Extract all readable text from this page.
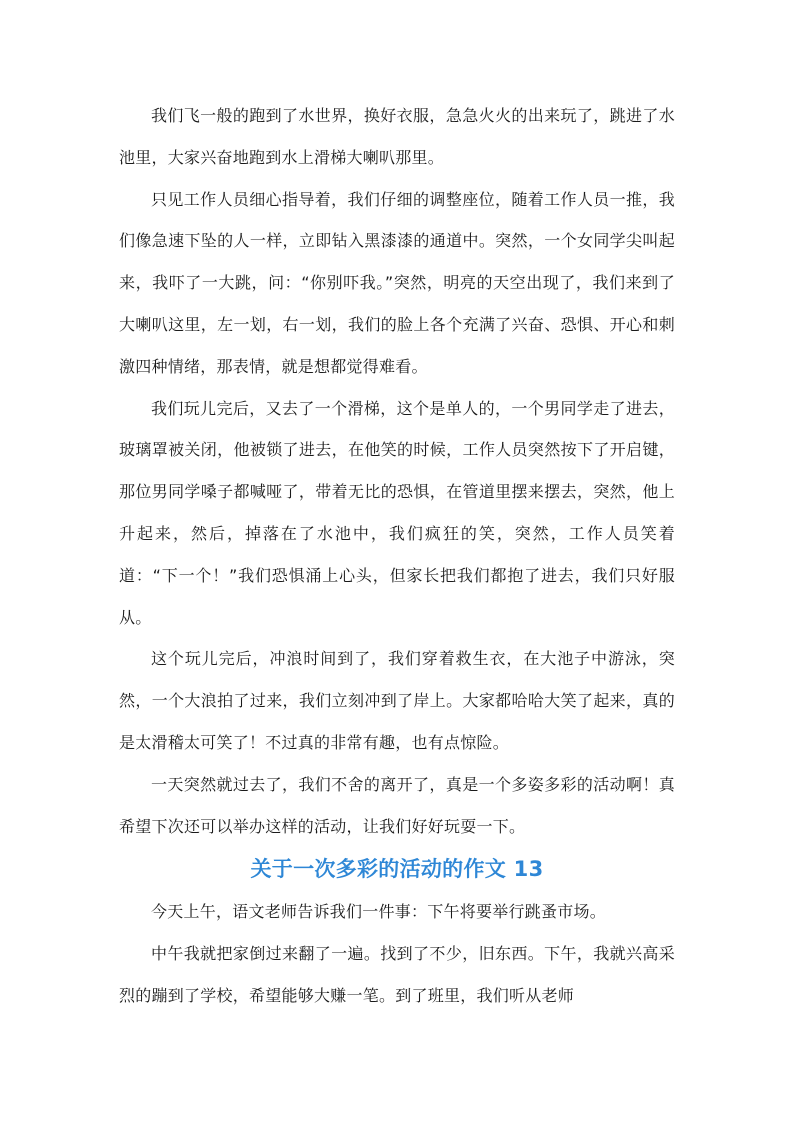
我们飞一般的跑到了水世界，换好衣服，急急火火的出来玩了，跳进了水池里，大家兴奋地跑到水上滑梯大喇叭那里。

只见工作人员细心指导着，我们仔细的调整座位，随着工作人员一推，我们像急速下坠的人一样，立即钻入黑漆漆的通道中。突然，一个女同学尖叫起来，我吓了一大跳，问：“你别吓我。”突然，明亮的天空出现了，我们来到了大喇叭这里，左一划，右一划，我们的脸上各个充满了兴奋、恐惧、开心和刺激四种情绪，那表情，就是想都觉得难看。

我们玩儿完后，又去了一个滑梯，这个是单人的，一个男同学走了进去，玻璃罩被关闭，他被锁了进去，在他笑的时候，工作人员突然按下了开启键，那位男同学嗓子都喊哑了，带着无比的恐惧，在管道里摆来摆去，突然，他上升起来，然后，掉落在了水池中，我们疯狂的笑，突然，工作人员笑着道：“下一个！”我们恐惧涌上心头，但家长把我们都抱了进去，我们只好服从。

这个玩儿完后，冲浪时间到了，我们穿着救生衣，在大池子中游泳，突然，一个大浪拍了过来，我们立刻冲到了岸上。大家都哈哈大笑了起来，真的是太滑稽太可笑了！不过真的非常有趣，也有点惊险。

一天突然就过去了，我们不舍的离开了，真是一个多姿多彩的活动啊！真希望下次还可以举办这样的活动，让我们好好玩耍一下。

关于一次多彩的活动的作文 13

今天上午，语文老师告诉我们一件事：下午将要举行跳蚤市场。

中午我就把家倒过来翻了一遍。找到了不少，旧东西。下午，我就兴高采烈的蹦到了学校，希望能够大赚一笔。到了班里，我们听从老师
